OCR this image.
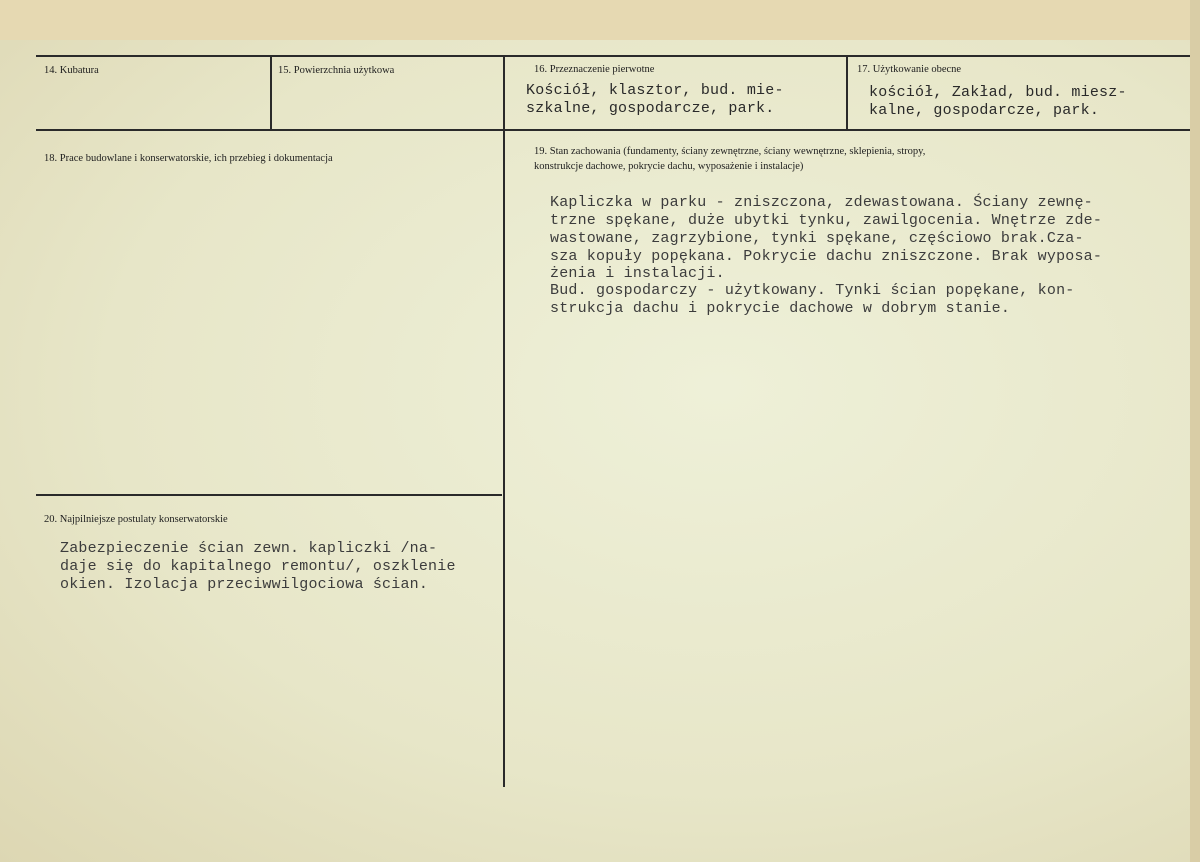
14. Kubatura	15. Powierzchnia użytkowa	16. Przeznaczenie pierwotne
Kościół, klasztor, bud. mie-
szkalne, gospodarcze, park.
17. Użytkowanie obecne
kościół, Zakład, bud. miesz-
kalne, gospodarcze, park.
18. Prace budowlane i konserwatorskie, ich przebieg i dokumentacja
19. Stan zachowania (fundamenty, ściany zewnętrzne, ściany wewnętrzne, sklepienia, stropy,
konstrukcje dachowe, pokrycie dachu, wyposażenie i instalacje)
Kapliczka w parku - zniszczona, zdewastowana. Ściany zewnę-
trzne spękane, duże ubytki tynku, zawilgocenia. Wnętrze zde-
wastowane, zagrzybione, tynki spękane, częściowo brak.Cza-
sza kopuły popękana. Pokrycie dachu zniszczone. Brak wyposa-
żenia i instalacji.
Bud. gospodarczy - użytkowany. Tynki ścian popękane, kon-
strukcja dachu i pokrycie dachowe w dobrym stanie.
20. Najpilniejsze postulaty konserwatorskie
Zabezpieczenie ścian zewn. kapliczki /na-
daje się do kapitalnego remontu/, oszklenie
okien. Izolacja przeciwwilgociowa ścian.
